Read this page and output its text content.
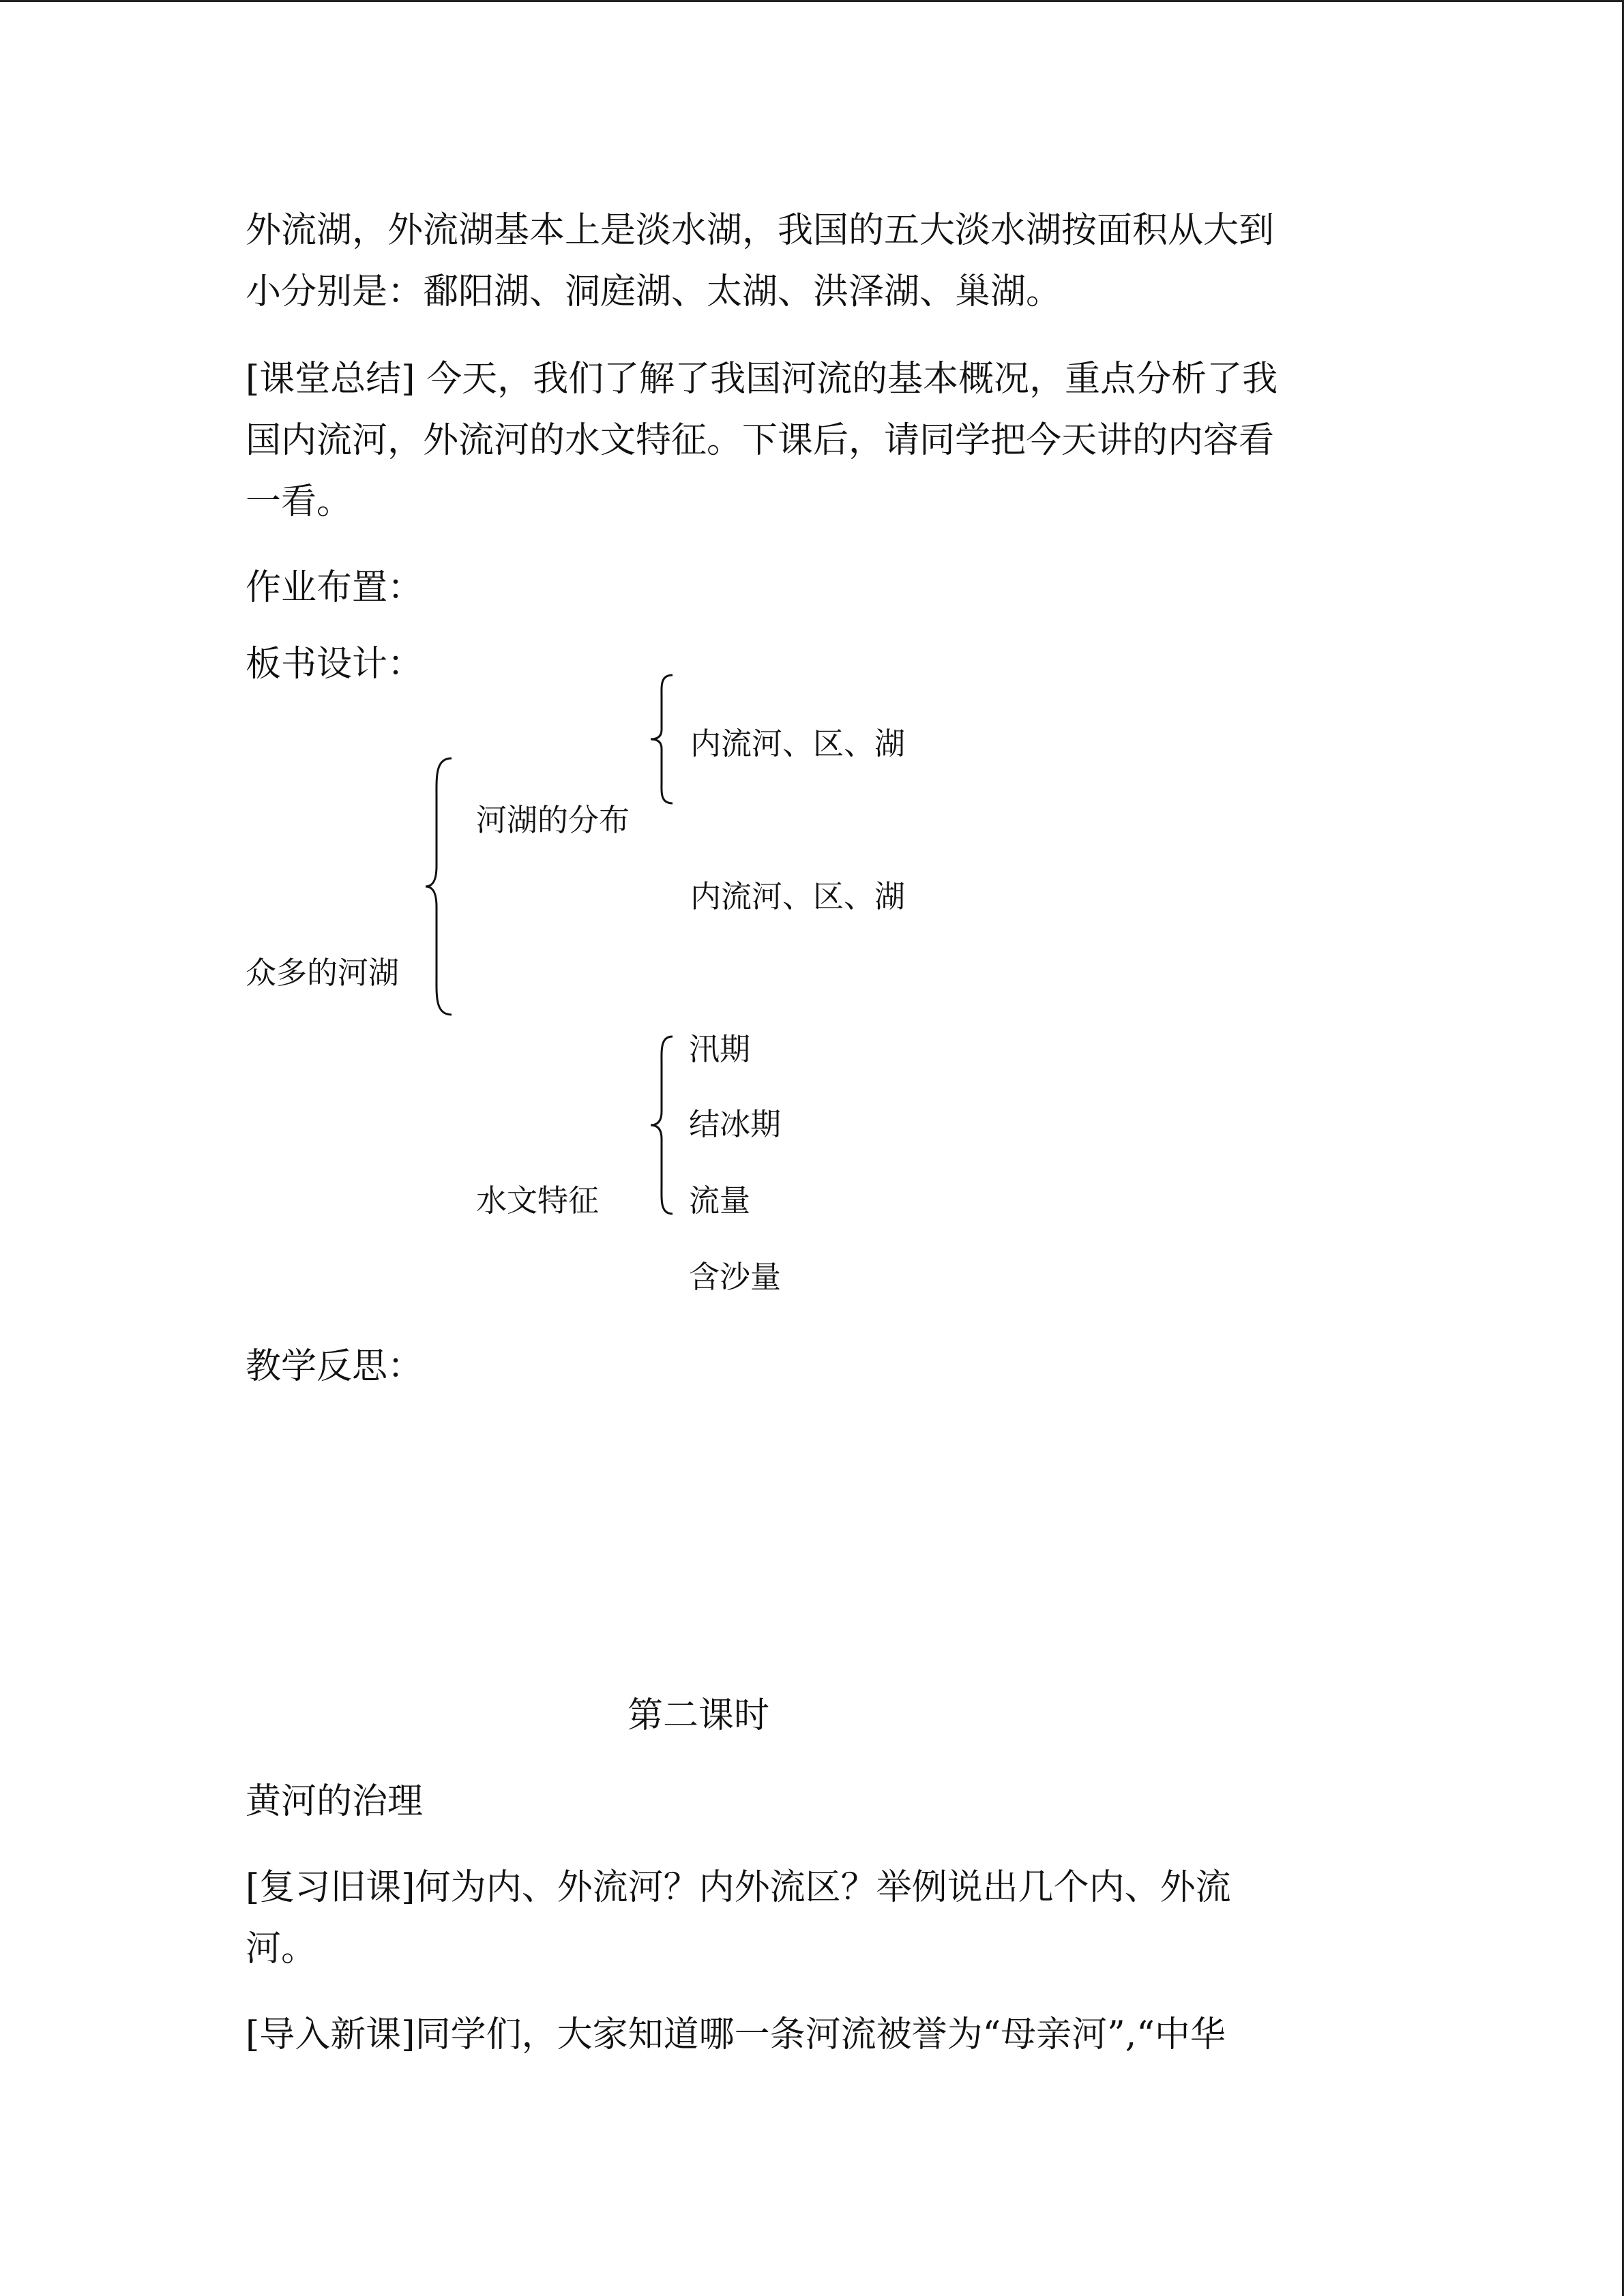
外流湖，外流湖基本上是淡水湖，我国的五大淡水湖按面积从大到
小分别是：鄱阳湖、洞庭湖、太湖、洪泽湖、巢湖。
[课堂总结] 今天，我们了解了我国河流的基本概况，重点分析了我
国内流河，外流河的水文特征。下课后，请同学把今天讲的内容看
一看。
作业布置：
板书设计：
众多的河湖
河湖的分布
内流河、区、湖
内流河、区、湖
水文特征
汛期
结冰期
流量
含沙量
教学反思：
第二课时
黄河的治理
[复习旧课]何为内、外流河？内外流区？举例说出几个内、外流
河。
[导入新课]同学们，大家知道哪一条河流被誉为“母亲河”,“中华
